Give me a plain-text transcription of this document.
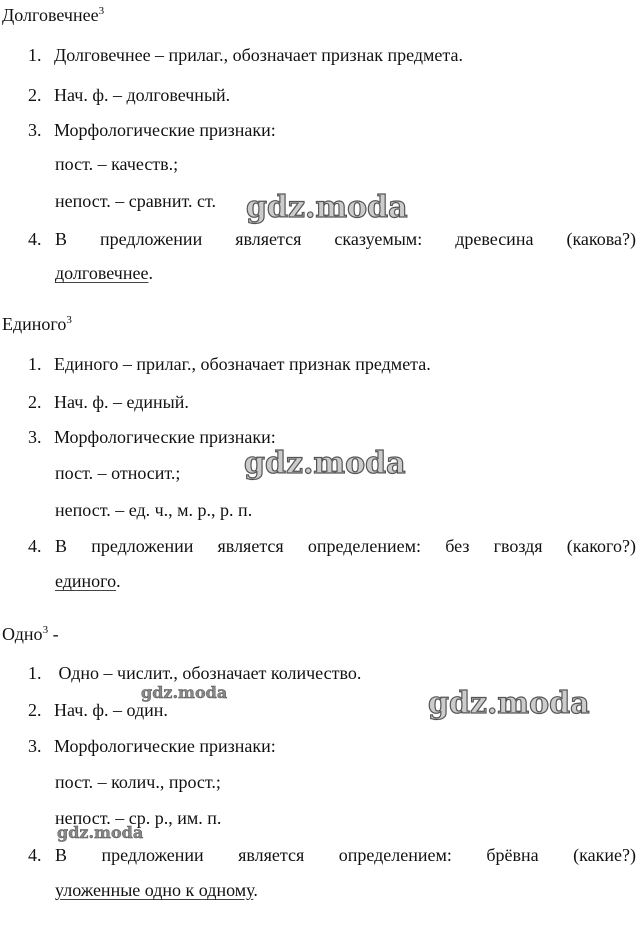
Долговечнее$^3$
1. Долговечнее – прилаг., обозначает признак предмета.
2. Нач. ф. – долговечный.
3. Морфологические признаки:
пост. – качеств.;
непост. – сравнит. ст.
4. В предложении является сказуемым: древесина (какова?)
долговечнее.
Единого$^3$
1. Единого – прилаг., обозначает признак предмета.
2. Нач. ф. – единый.
3. Морфологические признаки:
пост. – относит.;
непост. – ед. ч., м. р., р. п.
4. В предложении является определением: без гвоздя (какого?)
единого.
Одно$^3$ -
1. Одно – числит., обозначает количество.
2. Нач. ф. – один.
3. Морфологические признаки:
пост. – колич., прост.;
непост. – ср. р., им. п.
4. В предложении является определением: брёвна (какие?)
уложенные одно к одному.
gdz.moda
gdz.moda
gdz.moda
gdz.moda
gdz.moda
